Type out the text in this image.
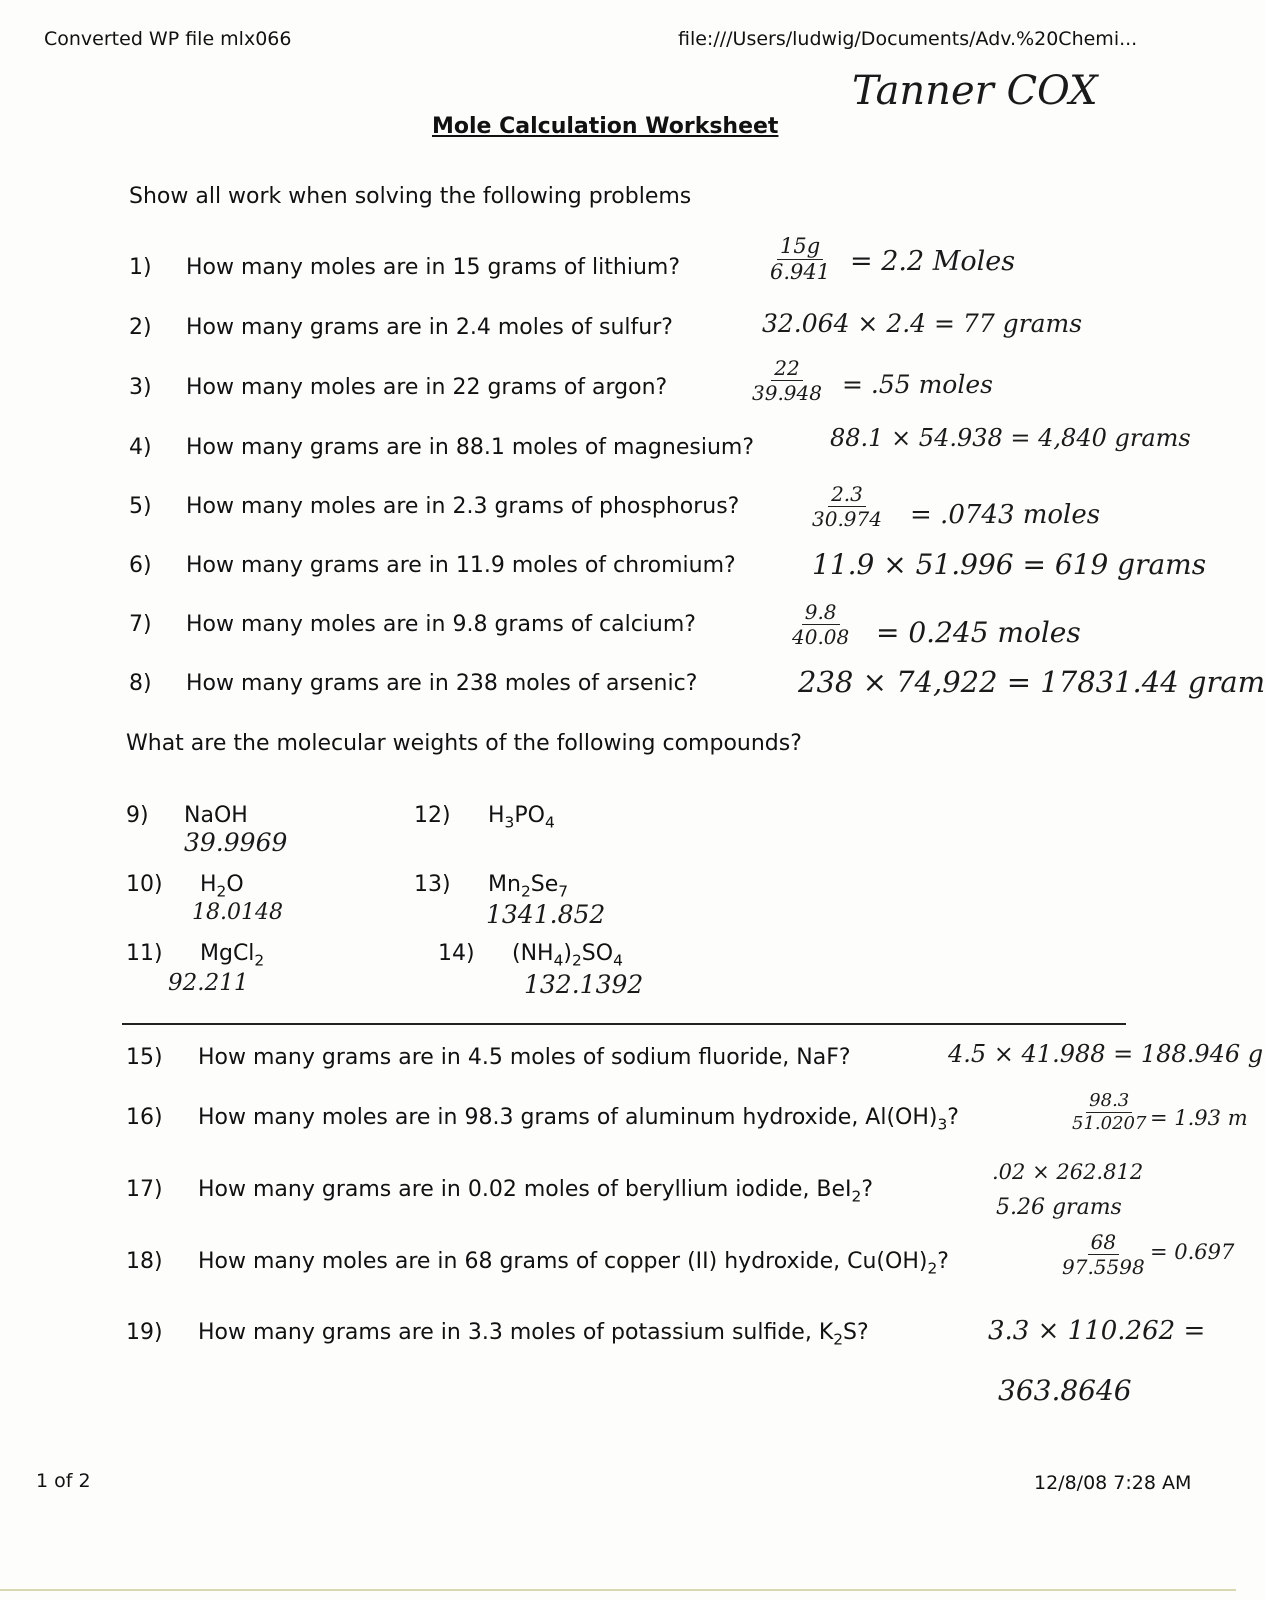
Converted WP file mlx066	file:///Users/ludwig/Documents/Adv.%20Chemi...
Tanner COX
Mole Calculation Worksheet
Show all work when solving the following problems
1) How many moles are in 15 grams of lithium?	$\frac{15g}{6.941} = 2.2$ Moles
2) How many grams are in 2.4 moles of sulfur?	32.064 × 2.4 = 77 grams
3) How many moles are in 22 grams of argon?	$\frac{22}{39.948} = .55$ moles
4) How many grams are in 88.1 moles of magnesium?	88.1 × 54.938 = 4,840 grams
5) How many moles are in 2.3 grams of phosphorus?	$\frac{2.3}{30.974} = .0743$ moles
6) How many grams are in 11.9 moles of chromium?	11.9 × 51.996 = 619 grams
7) How many moles are in 9.8 grams of calcium?	$\frac{9.8}{40.08} = 0.245$ moles
8) How many grams are in 238 moles of arsenic?	238 × 74,922 = 17831.44 gram
What are the molecular weights of the following compounds?
9) NaOH
39.9969
10) $H_2O$
18.0148
11) MgCl$_2$
92.211
12) $H_3PO_4$
13) $Mn_2Se_7$
1341.852
14) $(NH_4)_2SO_4$
132.1392
15) How many grams are in 4.5 moles of sodium fluoride, NaF?	4.5 × 41.988 = 188.946 g
16) How many moles are in 98.3 grams of aluminum hydroxide, $Al(OH)_3$?	$\frac{98.3}{51.0207} = 1.93$ m
17) How many grams are in 0.02 moles of beryllium iodide, BeI$_2$?
.02 × 262.812
5.26 grams
18) How many moles are in 68 grams of copper (II) hydroxide, $Cu(OH)_2$?	$\frac{68}{97.5598} = 0.697$
19) How many grams are in 3.3 moles of potassium sulfide, $K_2S$?	3.3 × 110.262 =
363.8646
1 of 2	12/8/08 7:28 AM
